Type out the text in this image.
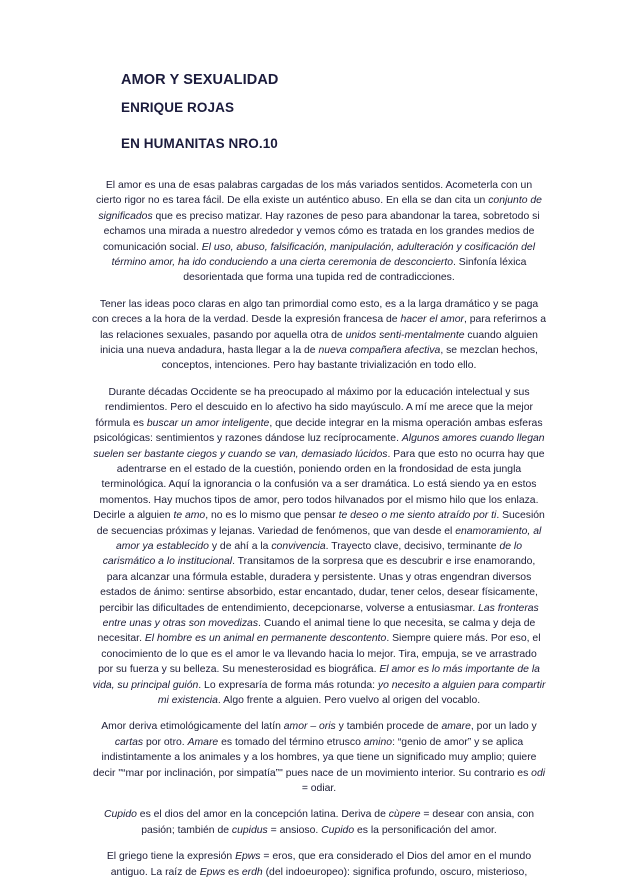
AMOR Y SEXUALIDAD
ENRIQUE ROJAS
EN HUMANITAS NRO.10

El amor es una de esas palabras cargadas de los más variados sentidos. Acometerla con un
cierto rigor no es tarea fácil. De ella existe un auténtico abuso. En ella se dan cita un conjunto de
significados que es preciso matizar. Hay razones de peso para abandonar la tarea, sobretodo si
echamos una mirada a nuestro alrededor y vemos cómo es tratada en los grandes medios de
comunicación social. El uso, abuso, falsificación, manipulación, adulteración y cosificación del
término amor, ha ido conduciendo a una cierta ceremonia de desconcierto. Sinfonía léxica
desorientada que forma una tupida red de contradicciones.

Tener las ideas poco claras en algo tan primordial como esto, es a la larga dramático y se paga
con creces a la hora de la verdad. Desde la expresión francesa de hacer el amor, para referirnos a
las relaciones sexuales, pasando por aquella otra de unidos senti-mentalmente cuando alguien
inicia una nueva andadura, hasta llegar a la de nueva compañera afectiva, se mezclan hechos,
conceptos, intenciones. Pero hay bastante trivialización en todo ello.

Durante décadas Occidente se ha preocupado al máximo por la educación intelectual y sus
rendimientos. Pero el descuido en lo afectivo ha sido mayúsculo. A mí me arece que la mejor
fórmula es buscar un amor inteligente, que decide integrar en la misma operación ambas esferas
psicológicas: sentimientos y razones dándose luz recíprocamente. Algunos amores cuando llegan
suelen ser bastante ciegos y cuando se van, demasiado lúcidos. Para que esto no ocurra hay que
adentrarse en el estado de la cuestión, poniendo orden en la frondosidad de esta jungla
terminológica. Aquí la ignorancia o la confusión va a ser dramática. Lo está siendo ya en estos
momentos. Hay muchos tipos de amor, pero todos hilvanados por el mismo hilo que los enlaza.
Decirle a alguien te amo, no es lo mismo que pensar te deseo o me siento atraído por ti. Sucesión
de secuencias próximas y lejanas. Variedad de fenómenos, que van desde el enamoramiento, al
amor ya establecido y de ahí a la convivencia. Trayecto clave, decisivo, terminante de lo
carismático a lo institucional. Transitamos de la sorpresa que es descubrir e irse enamorando,
para alcanzar una fórmula estable, duradera y persistente. Unas y otras engendran diversos
estados de ánimo: sentirse absorbido, estar encantado, dudar, tener celos, desear físicamente,
percibir las dificultades de entendimiento, decepcionarse, volverse a entusiasmar. Las fronteras
entre unas y otras son movedizas. Cuando el animal tiene lo que necesita, se calma y deja de
necesitar. El hombre es un animal en permanente descontento. Siempre quiere más. Por eso, el
conocimiento de lo que es el amor le va llevando hacia lo mejor. Tira, empuja, se ve arrastrado
por su fuerza y su belleza. Su menesterosidad es biográfica. El amor es lo más importante de la
vida, su principal guión. Lo expresaría de forma más rotunda: yo necesito a alguien para compartir
mi existencia. Algo frente a alguien. Pero vuelvo al origen del vocablo.

Amor deriva etimológicamente del latín amor – oris y también procede de amare, por un lado y
cartas por otro. Amare es tomado del término etrusco amino: “genio de amor” y se aplica
indistintamente a los animales y a los hombres, ya que tiene un significado muy amplio; quiere
decir "“mar por inclinación, por simpatía”" pues nace de un movimiento interior. Su contrario es odi
= odiar.

Cupido es el dios del amor en la concepción latina. Deriva de cùpere = desear con ansia, con
pasión; también de cupidus = ansioso. Cupido es la personificación del amor.

El griego tiene la expresión Epws = eros, que era considerado el Dios del amor en el mundo
antiguo. La raíz de Epws es erdh (del indoeuropeo): significa profundo, oscuro, misterioso,
